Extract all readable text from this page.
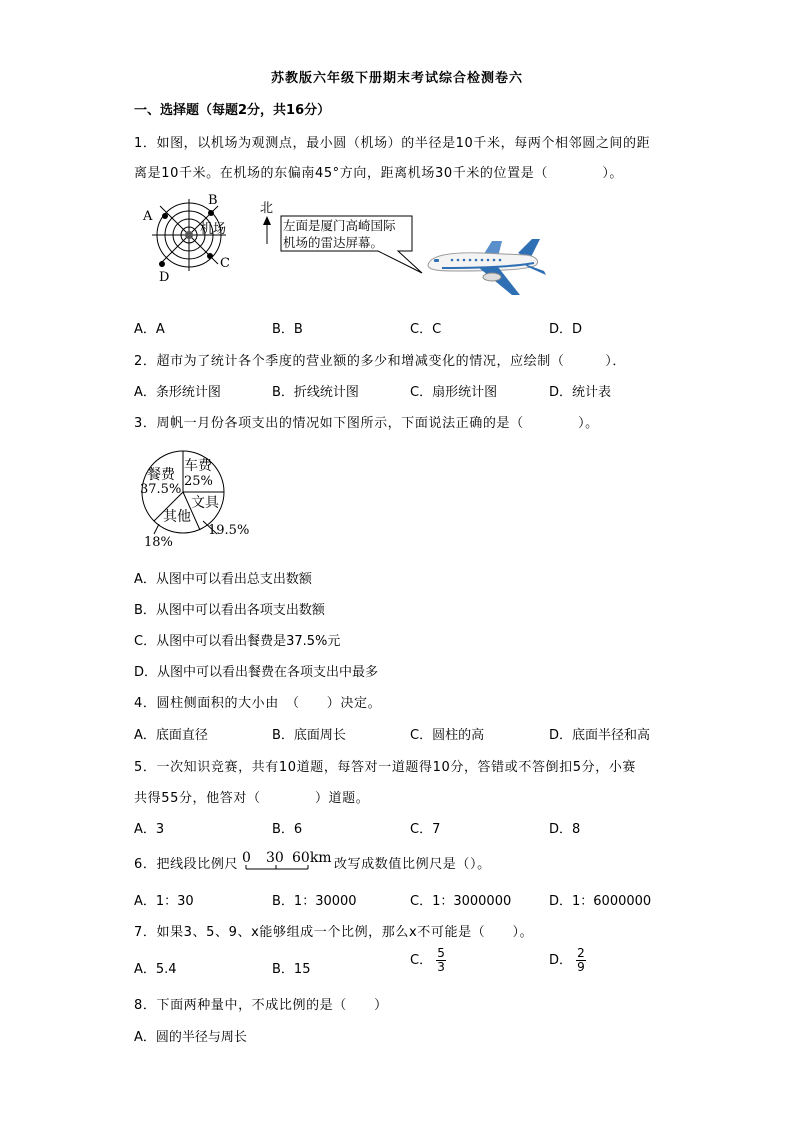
苏教版六年级下册期末考试综合检测卷六
一、选择题（每题2分，共16分）
1．如图，以机场为观测点，最小圆（机场）的半径是10千米，每两个相邻圆之间的距
离是10千米。在机场的东偏南45°方向，距离机场30千米的位置是（　　　　）。
A
B
C
D
机场
北
左面是厦门高崎国际
机场的雷达屏幕。
A．A	B．B	C．C	D．D
2．超市为了统计各个季度的营业额的多少和增减变化的情况，应绘制（　　　）．
A．条形统计图	B．折线统计图	C．扇形统计图	D．统计表
3．周帆一月份各项支出的情况如下图所示，下面说法正确的是（　　　　）。
餐费
37.5%
车费
25%
文具
19.5%
其他
18%
A．从图中可以看出总支出数额
B．从图中可以看出各项支出数额
C．从图中可以看出餐费是37.5%元
D．从图中可以看出餐费在各项支出中最多
4．圆柱侧面积的大小由　（　　）决定。
A．底面直径	B．底面周长	C．圆柱的高	D．底面半径和高
5．一次知识竞赛，共有10道题，每答对一道题得10分，答错或不答倒扣5分，小赛
共得55分，他答对（　　　　）道题。
A．3	B．6	C．7	D．8
6．把线段比例尺 0 30 60km 改写成数值比例尺是（）。
A．1：30	B．1：30000	C．1：3000000	D．1：6000000
7．如果3、5、9、x能够组成一个比例，那么x不可能是（　　）。
A．5.4	B．15
C． $\frac{5}{3}$	D． $\frac{2}{9}$
8．下面两种量中，不成比例的是（　　）
A．圆的半径与周长
